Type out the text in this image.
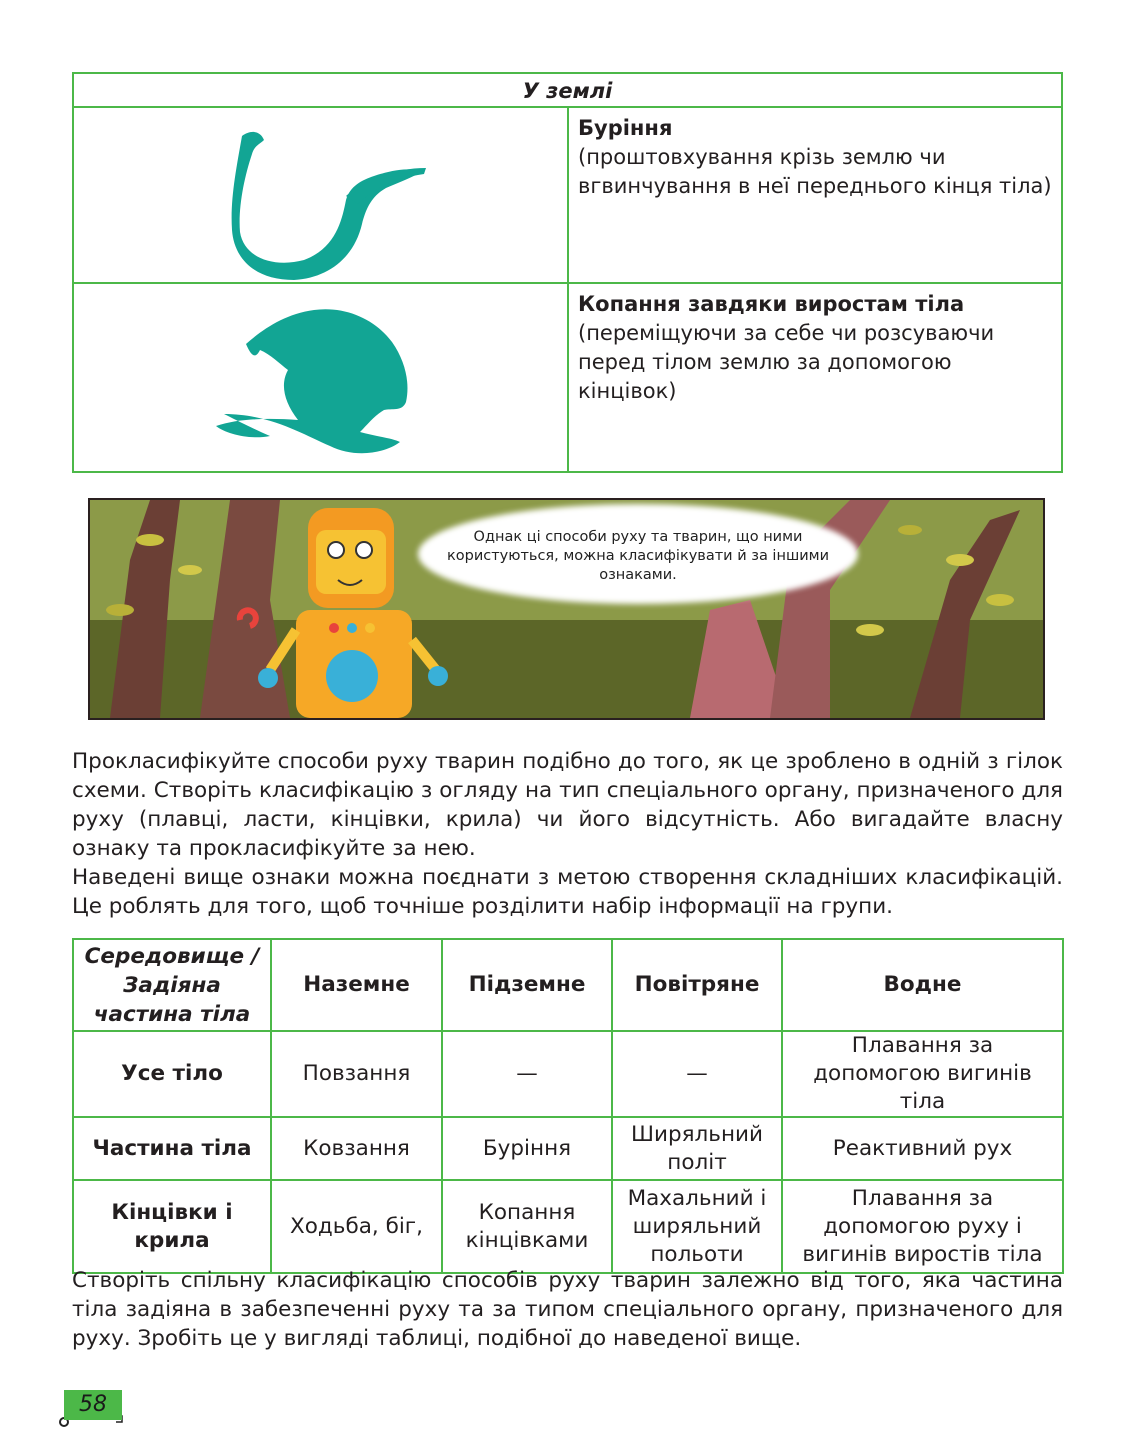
У землі
Буріння
(проштовхування крізь землю чи вгвинчування в неї переднього кінця тіла)
Копання завдяки виростам тіла
(переміщуючи за себе чи розсуваючи перед тілом землю за допомогою кінцівок)
Однак ці способи руху та тварин, що ними користуються, можна класифікувати й за іншими ознаками.

Прокласифікуйте способи руху тварин подібно до того, як це зроблено в одній з гілок схеми. Створіть класифікацію з огляду на тип спеціального органу, призначеного для руху (плавці, ласти, кінцівки, крила) чи його відсутність. Або вигадайте власну ознаку та прокласифікуйте за нею.

Наведені вище ознаки можна поєднати з метою створення складніших класифікацій. Це роблять для того, щоб точніше розділити набір інформації на групи.

Середовище / Задіяна частина тіла	Наземне	Підземне	Повітряне	Водне
Усе тіло	Повзання	—	—	Плавання за допомогою вигинів тіла
Частина тіла	Ковзання	Буріння	Ширяльний політ	Реактивний рух
Кінцівки і крила	Ходьба, біг,	Копання кінцівками	Махальний і ширяльний польоти	Плавання за допомогою руху і вигинів виростів тіла
Створіть спільну класифікацію способів руху тварин залежно від того, яка частина тіла задіяна в забезпеченні руху та за типом спеціального органу, призначеного для руху. Зробіть це у вигляді таблиці, подібної до наведеної вище.
58
